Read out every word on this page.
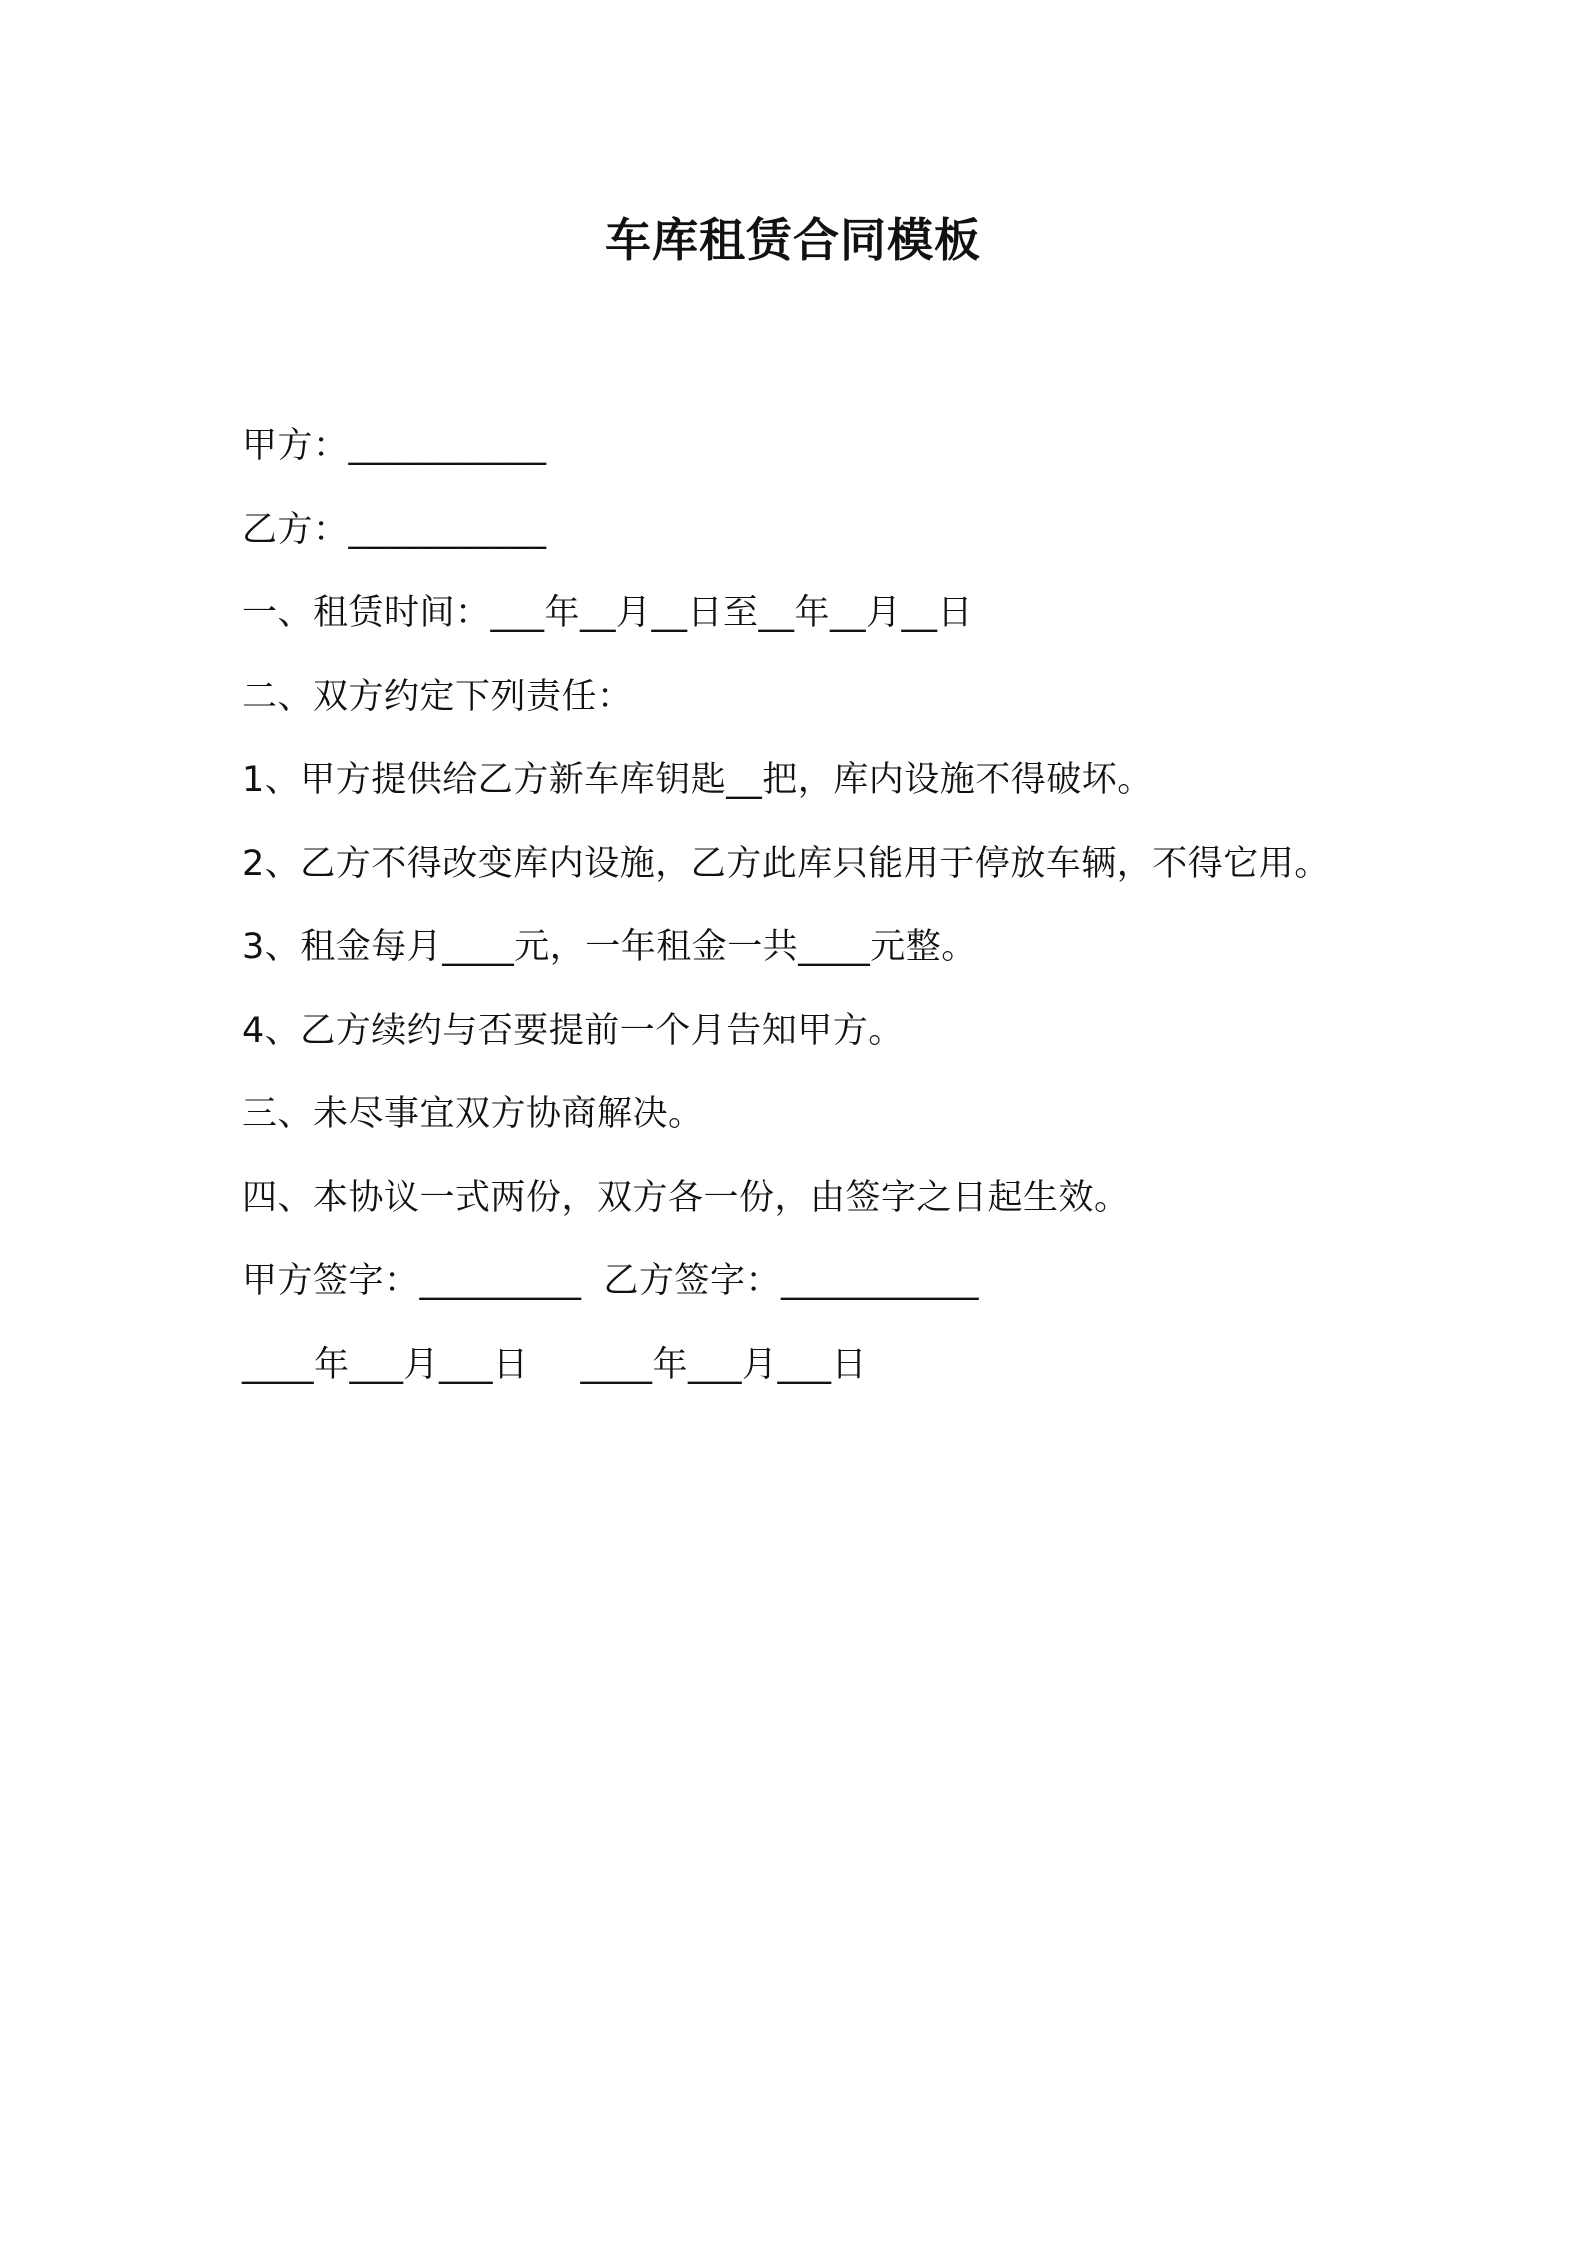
车库租赁合同模板
甲方：___________
乙方：___________
一、租赁时间：___年__月__日至__年__月__日
二、双方约定下列责任：
1、甲方提供给乙方新车库钥匙__把，库内设施不得破坏。
2、乙方不得改变库内设施，乙方此库只能用于停放车辆，不得它用。
3、租金每月____元，一年租金一共____元整。
4、乙方续约与否要提前一个月告知甲方。
三、未尽事宜双方协商解决。
四、本协议一式两份，双方各一份，由签字之日起生效。
甲方签字：_________ 乙方签字：___________
____年___月___日 ____年___月___日
